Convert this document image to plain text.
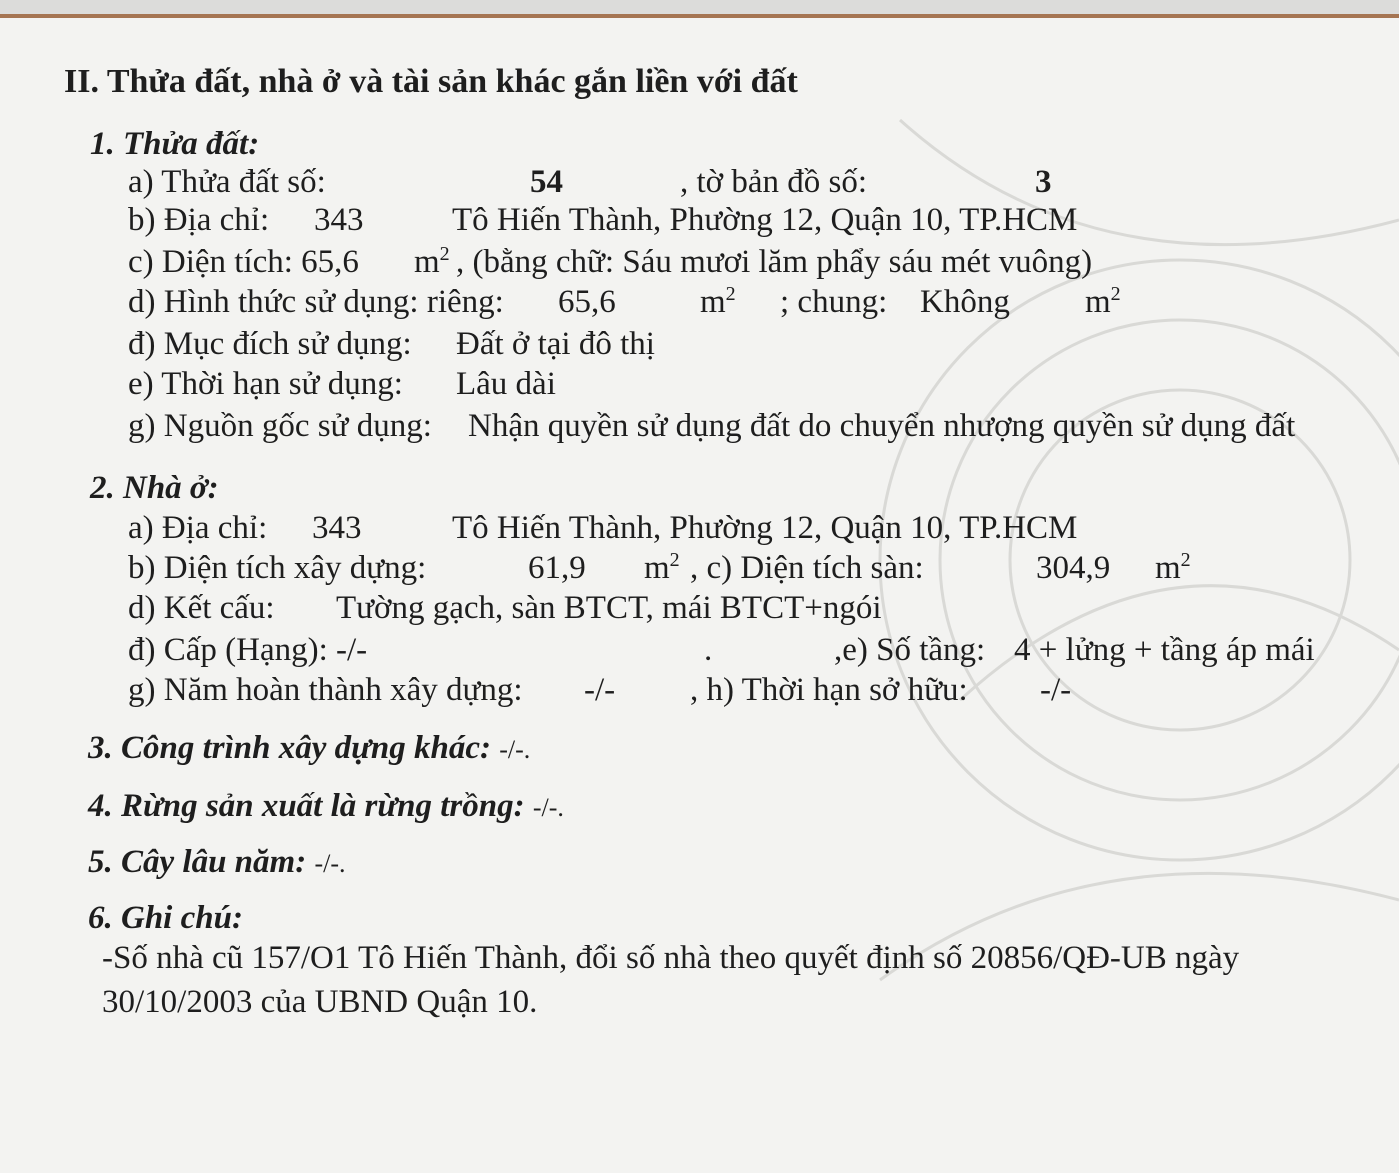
II. Thửa đất, nhà ở và tài sản khác gắn liền với đất
1. Thửa đất:
a) Thửa đất số:	54	, tờ bản đồ số:	3
b) Địa chỉ: 343	Tô Hiến Thành, Phường 12, Quận 10, TP.HCM
c) Diện tích: 65,6 $m^2$ , (bằng chữ: Sáu mươi lăm phẩy sáu mét vuông)
d) Hình thức sử dụng: riêng: 65,6	$m^2$ ; chung: Không $m^2$
đ) Mục đích sử dụng: Đất ở tại đô thị
e) Thời hạn sử dụng: Lâu dài
g) Nguồn gốc sử dụng: Nhận quyền sử dụng đất do chuyển nhượng quyền sử dụng đất
2. Nhà ở:
a) Địa chỉ: 343	Tô Hiến Thành, Phường 12, Quận 10, TP.HCM
b) Diện tích xây dựng:	61,9 $m^2$ , c) Diện tích sàn:	304,9 $m^2$
d) Kết cấu: Tường gạch, sàn BTCT, mái BTCT+ngói
đ) Cấp (Hạng): -/-	.	,e) Số tầng: 4 + lửng + tầng áp mái
g) Năm hoàn thành xây dựng: -/- , h) Thời hạn sở hữu: -/-
3. Công trình xây dựng khác: -/-.
4. Rừng sản xuất là rừng trồng: -/-.
5. Cây lâu năm: -/-.
6. Ghi chú:
-Số nhà cũ 157/O1 Tô Hiến Thành, đổi số nhà theo quyết định số 20856/QĐ-UB ngày
30/10/2003 của UBND Quận 10.
